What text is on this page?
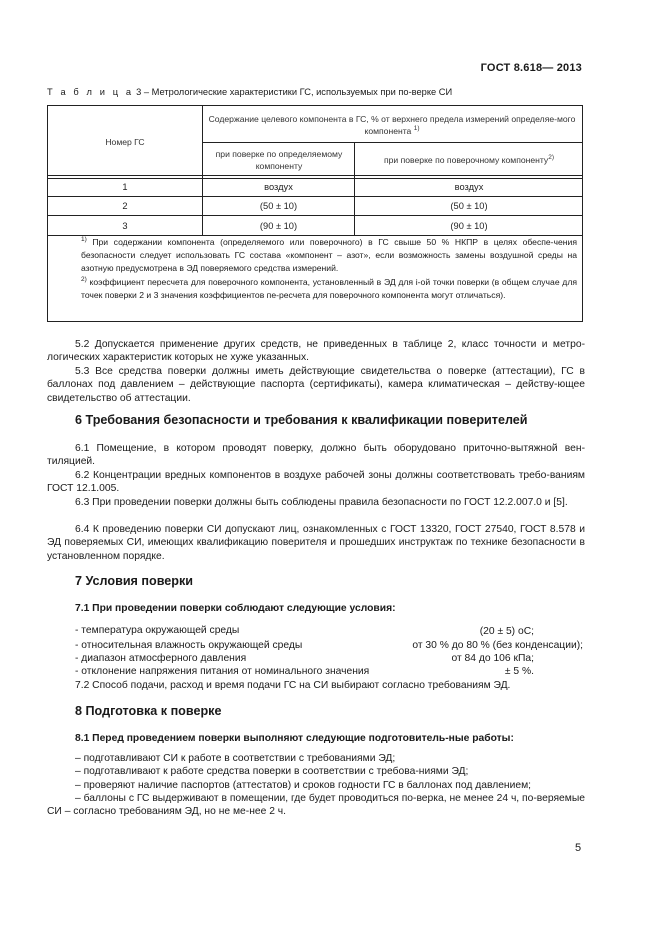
ГОСТ 8.618— 2013
Т а б л и ц а 3 – Метрологические характеристики ГС, используемых при по-верке СИ
Номер ГС
Содержание целевого компонента в ГС, % от верхнего предела измерений определяе-мого компонента $^{1)}$
при поверке по определяемому компоненту
при поверке по поверочному компоненту$^{2)}$
1	воздух	воздух
2	(50 ± 10)	(50 ± 10)
3	(90 ± 10)	(90 ± 10)
$^{1)}$ При содержании компонента (определяемого или поверочного) в ГС свыше 50 % НКПР в целях обеспе-чения безопасности следует использовать ГС состава «компонент – азот», если возможность замены воздушной среды на азотную предусмотрена в ЭД поверяемого средства измерений.
$^{2)}$ коэффициент пересчета для поверочного компонента, установленный в ЭД для i-ой точки поверки (в общем случае для точек поверки 2 и 3 значения коэффициентов пе-ресчета для поверочного компонента могут отличаться).
5.2 Допускается применение других средств, не приведенных в таблице 2, класс точности и метро-логических характеристик которых не хуже указанных.
5.3 Все средства поверки должны иметь действующие свидетельства о поверке (аттестации), ГС в баллонах под давлением – действующие паспорта (сертификаты), камера климатическая – действу-ющее свидетельство об аттестации.
6 Требования безопасности и требования к квалификации поверителей
6.1 Помещение, в котором проводят поверку, должно быть оборудовано приточно-вытяжной вен-тиляцией.
6.2 Концентрации вредных компонентов в воздухе рабочей зоны должны соответствовать требо-ваниям ГОСТ 12.1.005.
6.3 При проведении поверки должны быть соблюдены правила безопасности по ГОСТ 12.2.007.0 и [5].
6.4 К проведению поверки СИ допускают лиц, ознакомленных с ГОСТ 13320, ГОСТ 27540, ГОСТ 8.578 и ЭД поверяемых СИ, имеющих квалификацию поверителя и прошедших инструктаж по технике безопасности в установленном порядке.
7 Условия поверки
7.1 При проведении поверки соблюдают следующие условия:
- температура окружающей среды	(20 ± 5) оС;
- относительная влажность окружающей среды	от 30 % до 80 % (без конденсации);
- диапазон атмосферного давления	от 84 до 106 кПа;
- отклонение напряжения питания от номинального значения	± 5 %.
7.2 Способ подачи, расход и время подачи ГС на СИ выбирают согласно требованиям ЭД.
8 Подготовка к поверке
8.1 Перед проведением поверки выполняют следующие подготовитель-ные работы:
– подготавливают СИ к работе в соответствии с требованиями ЭД;
– подготавливают к работе средства поверки в соответствии с требова-ниями ЭД;
– проверяют наличие паспортов (аттестатов) и сроков годности ГС в баллонах под давлением;
– баллоны с ГС выдерживают в помещении, где будет проводиться по-верка, не менее 24 ч, по-веряемые СИ – согласно требованиям ЭД, но не ме-нее 2 ч.
5
